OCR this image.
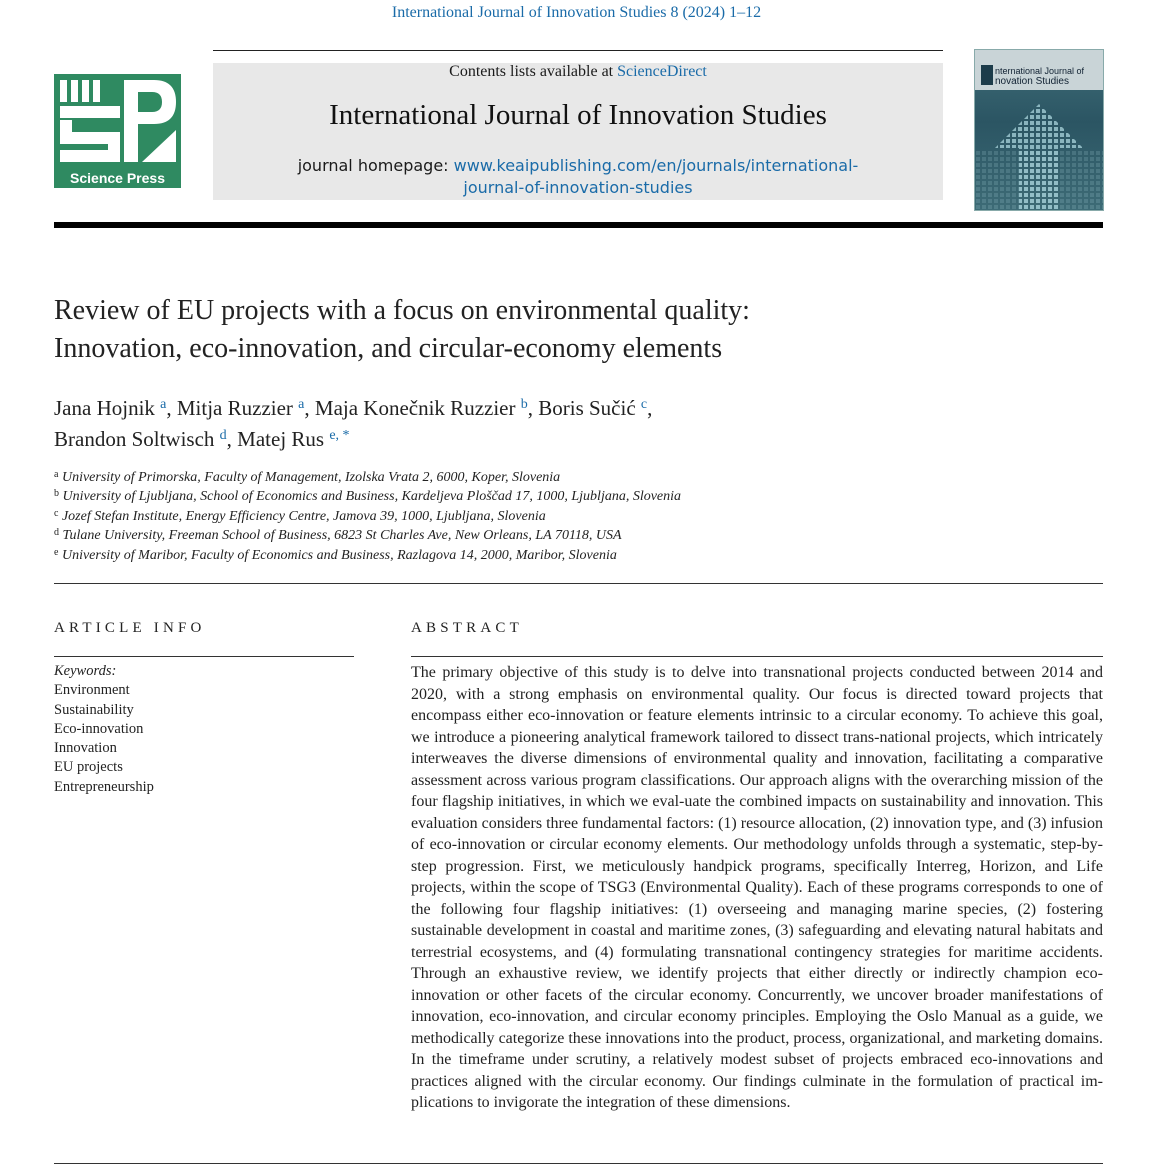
International Journal of Innovation Studies 8 (2024) 1–12
Science Press
Contents lists available at ScienceDirect
International Journal of Innovation Studies
journal homepage: www.keaipublishing.com/en/journals/international-
journal-of-innovation-studies
nternational Journal of
novation Studies
Review of EU projects with a focus on environmental quality:
Innovation, eco-innovation, and circular-economy elements
Jana Hojnik $^a$, Mitja Ruzzier $^a$, Maja Konečnik Ruzzier $^b$, Boris Sučić $^c$,
Brandon Soltwisch $^d$, Matej Rus $^{e, *}$
$^a$ University of Primorska, Faculty of Management, Izolska Vrata 2, 6000, Koper, Slovenia
$^b$ University of Ljubljana, School of Economics and Business, Kardeljeva Ploščad 17, 1000, Ljubljana, Slovenia
$^c$ Jozef Stefan Institute, Energy Efficiency Centre, Jamova 39, 1000, Ljubljana, Slovenia
$^d$ Tulane University, Freeman School of Business, 6823 St Charles Ave, New Orleans, LA 70118, USA
$^e$ University of Maribor, Faculty of Economics and Business, Razlagova 14, 2000, Maribor, Slovenia
ARTICLE INFO	ABSTRACT
Keywords:
Environment
Sustainability
Eco-innovation
Innovation
EU projects
Entrepreneurship
The primary objective of this study is to delve into transnational projects conducted between 2014 and 2020, with a strong emphasis on environmental quality. Our focus is directed toward projects that encompass either eco-innovation or feature elements intrinsic to a circular economy. To achieve this goal, we introduce a pioneering analytical framework tailored to dissect trans-national projects, which intricately interweaves the diverse dimensions of environmental quality and innovation, facilitating a comparative assessment across various program classifications. Our approach aligns with the overarching mission of the four flagship initiatives, in which we eval-uate the combined impacts on sustainability and innovation. This evaluation considers three fundamental factors: (1) resource allocation, (2) innovation type, and (3) infusion of eco-innovation or circular economy elements. Our methodology unfolds through a systematic, step-by-step progression. First, we meticulously handpick programs, specifically Interreg, Horizon, and Life projects, within the scope of TSG3 (Environmental Quality). Each of these programs corresponds to one of the following four flagship initiatives: (1) overseeing and managing marine species, (2) fostering sustainable development in coastal and maritime zones, (3) safeguarding and elevating natural habitats and terrestrial ecosystems, and (4) formulating transnational contingency strategies for maritime accidents. Through an exhaustive review, we identify projects that either directly or indirectly champion eco-innovation or other facets of the circular economy. Concurrently, we uncover broader manifestations of innovation, eco-innovation, and circular economy principles. Employing the Oslo Manual as a guide, we methodically categorize these innovations into the product, process, organizational, and marketing domains. In the timeframe under scrutiny, a relatively modest subset of projects embraced eco-innovations and practices aligned with the circular economy. Our findings culminate in the formulation of practical im-plications to invigorate the integration of these dimensions.
